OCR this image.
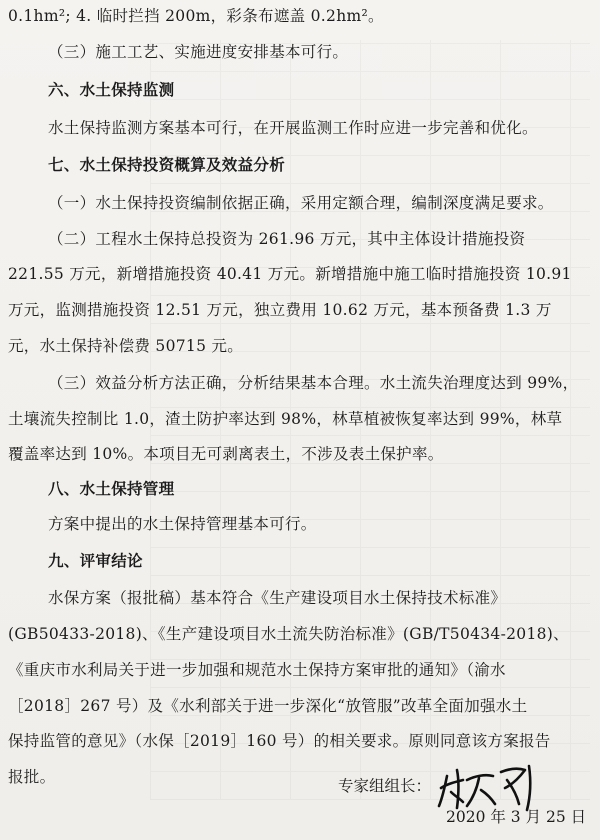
0.1hm²; 4. 临时拦挡 200m，彩条布遮盖 0.2hm²。
（三）施工工艺、实施进度安排基本可行。
六、水土保持监测
水土保持监测方案基本可行，在开展监测工作时应进一步完善和优化。
七、水土保持投资概算及效益分析
（一）水土保持投资编制依据正确，采用定额合理，编制深度满足要求。
（二）工程水土保持总投资为 261.96 万元，其中主体设计措施投资
221.55 万元，新增措施投资 40.41 万元。新增措施中施工临时措施投资 10.91
万元，监测措施投资 12.51 万元，独立费用 10.62 万元，基本预备费 1.3 万
元，水土保持补偿费 50715 元。
（三）效益分析方法正确，分析结果基本合理。水土流失治理度达到 99%，
土壤流失控制比 1.0，渣土防护率达到 98%，林草植被恢复率达到 99%，林草
覆盖率达到 10%。本项目无可剥离表土，不涉及表土保护率。
八、水土保持管理
方案中提出的水土保持管理基本可行。
九、评审结论
水保方案（报批稿）基本符合《生产建设项目水土保持技术标准》
(GB50433-2018)、《生产建设项目水土流失防治标准》(GB/T50434-2018)、
《重庆市水利局关于进一步加强和规范水土保持方案审批的通知》（渝水
［2018］267 号）及《水利部关于进一步深化“放管服”改革全面加强水土
保持监管的意见》（水保［2019］160 号）的相关要求。原则同意该方案报告
报批。	专家组组长：
2020 年 3 月 25 日
